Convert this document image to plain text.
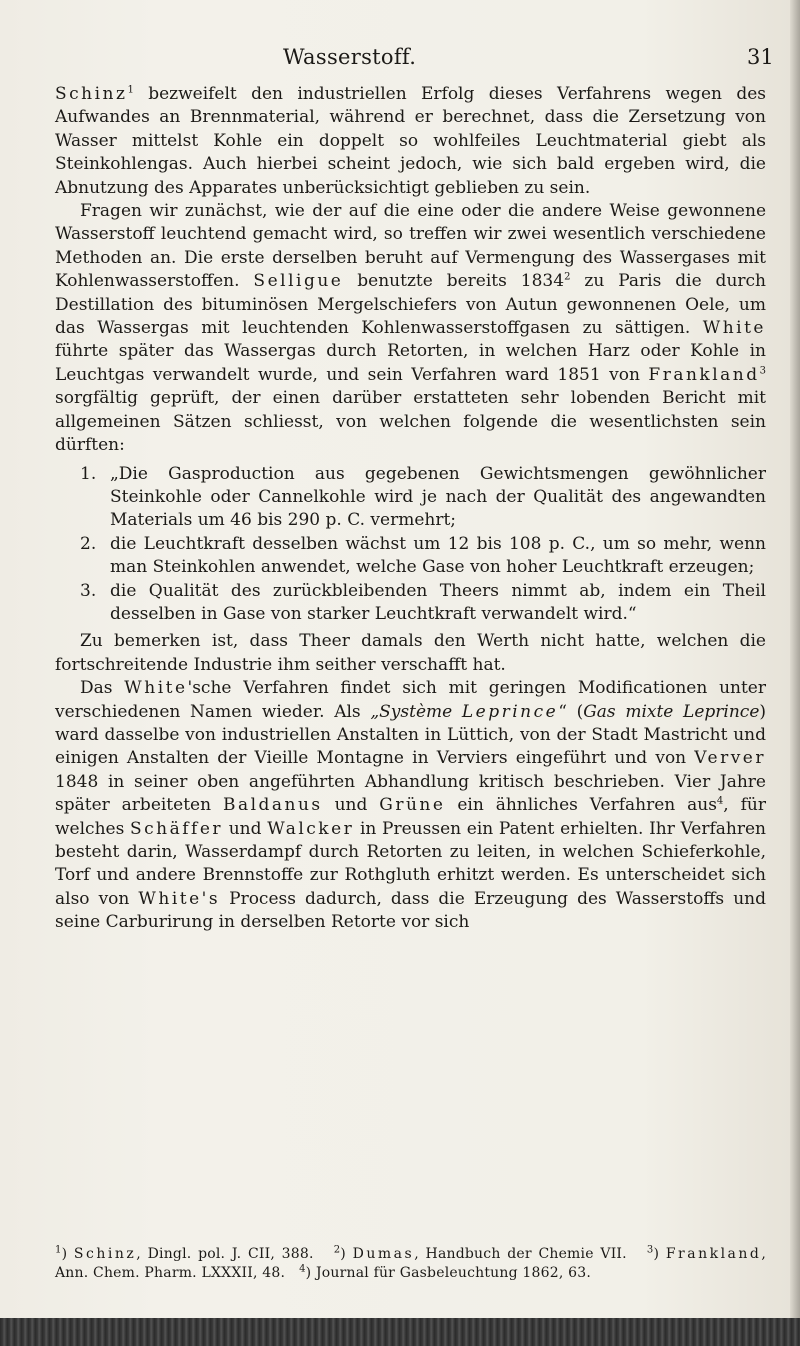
Wasserstoff.	31

Schinz$^1$ bezweifelt den industriellen Erfolg dieses Verfahrens wegen des Aufwandes an Brennmaterial, während er berechnet, dass die Zersetzung von Wasser mittelst Kohle ein doppelt so wohlfeiles Leuchtmaterial giebt als Steinkohlengas. Auch hierbei scheint jedoch, wie sich bald ergeben wird, die Abnutzung des Apparates unberücksichtigt geblieben zu sein.

Fragen wir zunächst, wie der auf die eine oder die andere Weise gewonnene Wasserstoff leuchtend gemacht wird, so treffen wir zwei wesentlich verschiedene Methoden an. Die erste derselben beruht auf Vermengung des Wassergases mit Kohlenwasserstoffen. Selligue benutzte bereits 1834$^2$ zu Paris die durch Destillation des bituminösen Mergelschiefers von Autun gewonnenen Oele, um das Wassergas mit leuchtenden Kohlenwasserstoffgasen zu sättigen. White führte später das Wassergas durch Retorten, in welchen Harz oder Kohle in Leuchtgas verwandelt wurde, und sein Verfahren ward 1851 von Frankland$^3$ sorgfältig geprüft, der einen darüber erstatteten sehr lobenden Bericht mit allgemeinen Sätzen schliesst, von welchen folgende die wesentlichsten sein dürften:

1. „Die Gasproduction aus gegebenen Gewichtsmengen gewöhnlicher Steinkohle oder Cannelkohle wird je nach der Qualität des angewandten Materials um 46 bis 290 p. C. vermehrt;
2. die Leuchtkraft desselben wächst um 12 bis 108 p. C., um so mehr, wenn man Steinkohlen anwendet, welche Gase von hoher Leuchtkraft erzeugen;
3. die Qualität des zurückbleibenden Theers nimmt ab, indem ein Theil desselben in Gase von starker Leuchtkraft verwandelt wird.“

Zu bemerken ist, dass Theer damals den Werth nicht hatte, welchen die fortschreitende Industrie ihm seither verschafft hat.

Das White'sche Verfahren findet sich mit geringen Modificationen unter verschiedenen Namen wieder. Als „Système Leprince“ (Gas mixte Leprince) ward dasselbe von industriellen Anstalten in Lüttich, von der Stadt Mastricht und einigen Anstalten der Vieille Montagne in Verviers eingeführt und von Verver 1848 in seiner oben angeführten Abhandlung kritisch beschrieben. Vier Jahre später arbeiteten Baldanus und Grüne ein ähnliches Verfahren aus$^4$, für welches Schäffer und Walcker in Preussen ein Patent erhielten. Ihr Verfahren besteht darin, Wasserdampf durch Retorten zu leiten, in welchen Schieferkohle, Torf und andere Brennstoffe zur Rothgluth erhitzt werden. Es unterscheidet sich also von White's Process dadurch, dass die Erzeugung des Wasserstoffs und seine Carburirung in derselben Retorte vor sich

$^1$) Schinz, Dingl. pol. J. CII, 388. $^2$) Dumas, Handbuch der Chemie VII. $^3$) Frankland, Ann. Chem. Pharm. LXXXII, 48. $^4$) Journal für Gasbeleuchtung 1862, 63.
